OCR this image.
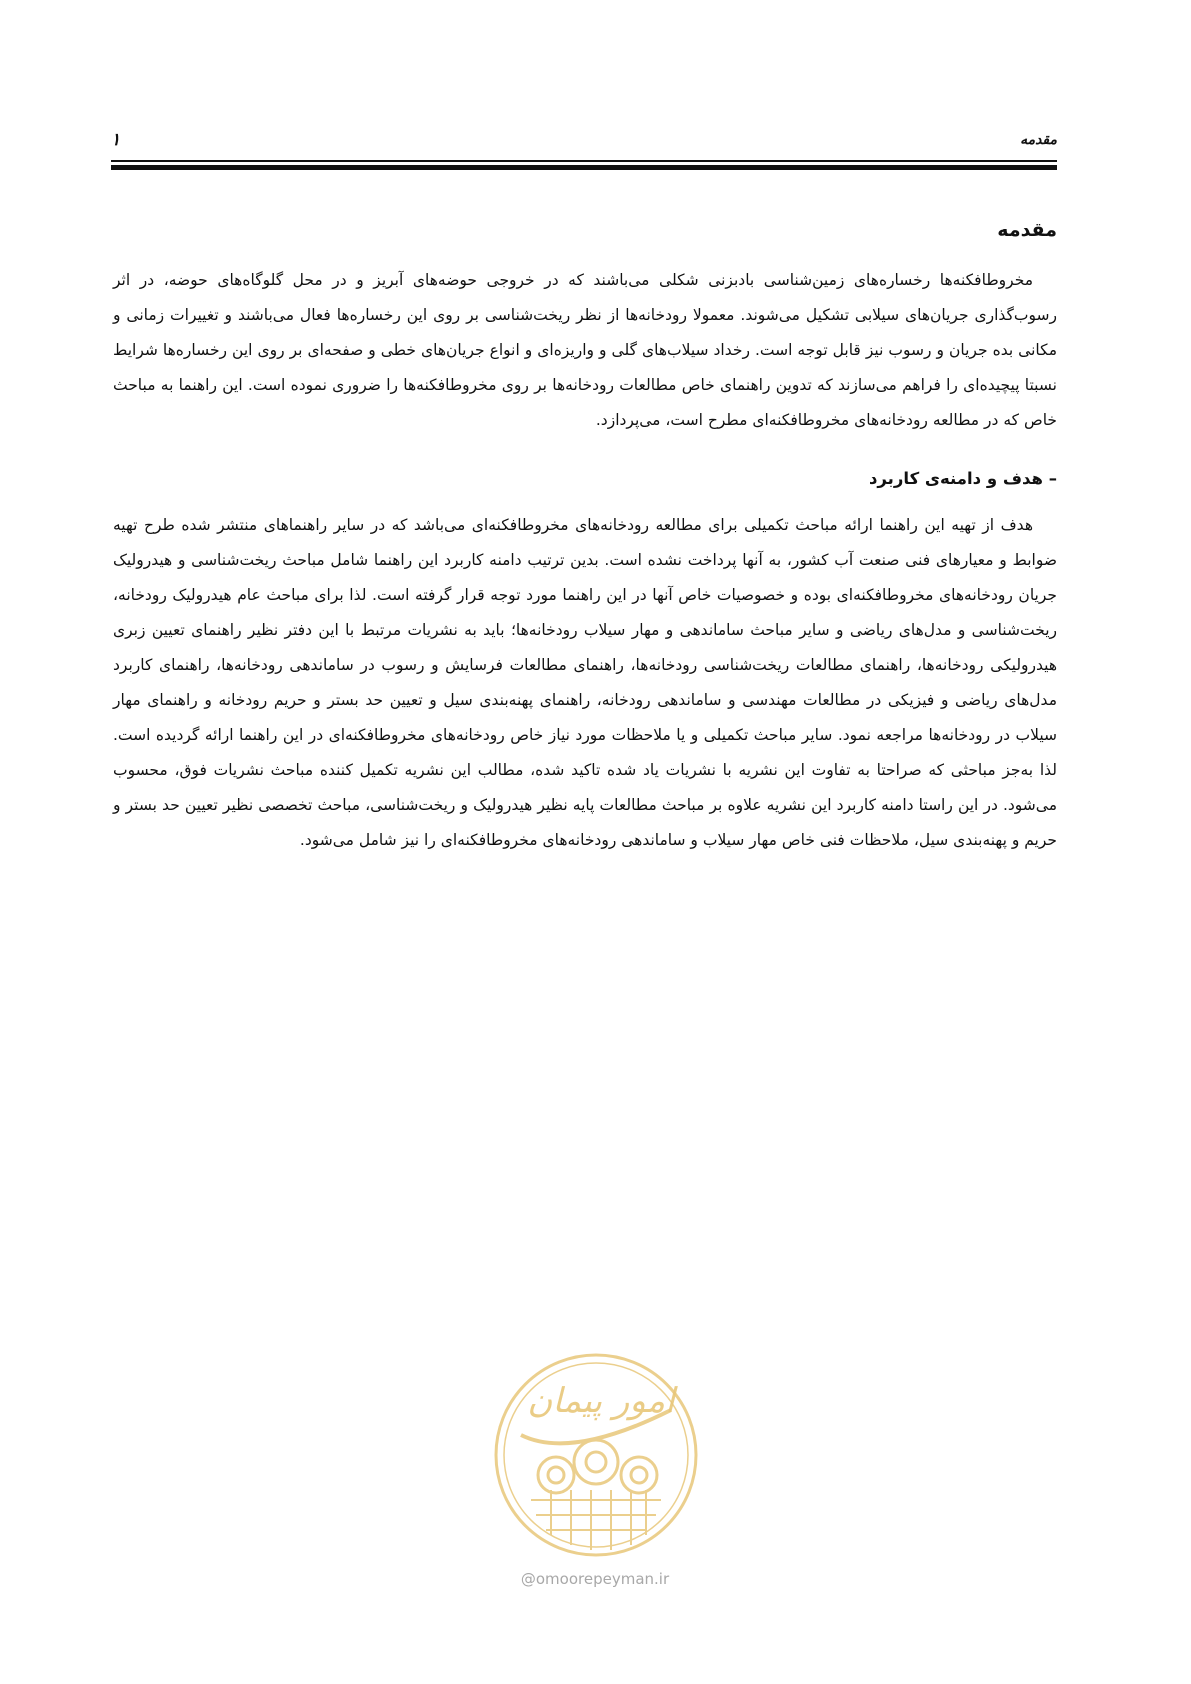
مقدمه
۱
مقدمه

مخروطافکنه‌ها رخساره‌های زمین‌شناسی بادبزنی شکلی می‌باشند که در خروجی حوضه‌های آبریز و در محل گلوگاه‌های حوضه، در اثر رسوب‌گذاری جریان‌های سیلابی تشکیل می‌شوند. معمولا رودخانه‌ها از نظر ریخت‌شناسی بر روی این رخساره‌ها فعال می‌باشند و تغییرات زمانی و مکانی بده جریان و رسوب نیز قابل توجه است. رخداد سیلاب‌های گلی و واریزه‌ای و انواع جریان‌های خطی و صفحه‌ای بر روی این رخساره‌ها شرایط نسبتا پیچیده‌ای را فراهم می‌سازند که تدوین راهنمای خاص مطالعات رودخانه‌ها بر روی مخروطافکنه‌ها را ضروری نموده است. این راهنما به مباحث خاص که در مطالعه رودخانه‌های مخروطافکنه‌ای مطرح است، می‌پردازد.

– هدف و دامنه‌ی کاربرد

هدف از تهیه این راهنما ارائه مباحث تکمیلی برای مطالعه رودخانه‌های مخروطافکنه‌ای می‌باشد که در سایر راهنماهای منتشر شده طرح تهیه ضوابط و معیارهای فنی صنعت آب کشور، به آنها پرداخت نشده است. بدین ترتیب دامنه کاربرد این راهنما شامل مباحث ریخت‌شناسی و هیدرولیک جریان رودخانه‌های مخروطافکنه‌ای بوده و خصوصیات خاص آنها در این راهنما مورد توجه قرار گرفته است. لذا برای مباحث عام هیدرولیک رودخانه، ریخت‌شناسی و مدل‌های ریاضی و سایر مباحث ساماندهی و مهار سیلاب رودخانه‌ها؛ باید به نشریات مرتبط با این دفتر نظیر راهنمای تعیین زبری هیدرولیکی رودخانه‌ها، راهنمای مطالعات ریخت‌شناسی رودخانه‌ها، راهنمای مطالعات فرسایش و رسوب در ساماندهی رودخانه‌ها، راهنمای کاربرد مدل‌های ریاضی و فیزیکی در مطالعات مهندسی و ساماندهی رودخانه، راهنمای پهنه‌بندی سیل و تعیین حد بستر و حریم رودخانه و راهنمای مهار سیلاب در رودخانه‌ها مراجعه نمود. سایر مباحث تکمیلی و یا ملاحظات مورد نیاز خاص رودخانه‌های مخروطافکنه‌ای در این راهنما ارائه گردیده است. لذا به‌جز مباحثی که صراحتا به تفاوت این نشریه با نشریات یاد شده تاکید شده، مطالب این نشریه تکمیل کننده مباحث نشریات فوق، محسوب می‌شود. در این راستا دامنه کاربرد این نشریه علاوه بر مباحث مطالعات پایه نظیر هیدرولیک و ریخت‌شناسی، مباحث تخصصی نظیر تعیین حد بستر و حریم و پهنه‌بندی سیل، ملاحظات فنی خاص مهار سیلاب و ساماندهی رودخانه‌های مخروطافکنه‌ای را نیز شامل می‌شود.

امور پیمان
@omoorepeyman.ir
